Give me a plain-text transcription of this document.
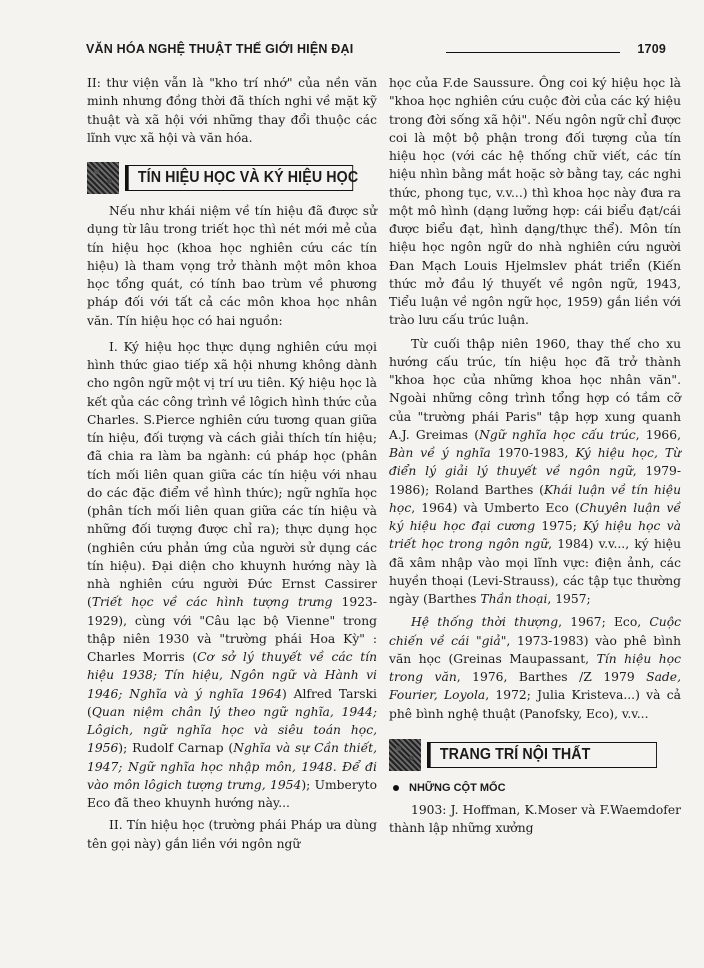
VĂN HÓA NGHỆ THUẬT THẾ GIỚI HIỆN ĐẠI	1709

II: thư viện vẫn là "kho trí nhớ" của nền văn minh nhưng đồng thời đã thích nghi về mặt kỹ thuật và xã hội với những thay đổi thuộc các lĩnh vực xã hội và văn hóa.

TÍN HIỆU HỌC VÀ KÝ HIỆU HỌC

Nếu như khái niệm về tín hiệu đã được sử dụng từ lâu trong triết học thì nét mới mẻ của tín hiệu học (khoa học nghiên cứu các tín hiệu) là tham vọng trở thành một môn khoa học tổng quát, có tính bao trùm về phương pháp đối với tất cả các môn khoa học nhân văn. Tín hiệu học có hai nguồn:

I. Ký hiệu học thực dụng nghiên cứu mọi hình thức giao tiếp xã hội nhưng không dành cho ngôn ngữ một vị trí ưu tiên. Ký hiệu học là kết qủa các công trình về lôgich hình thức của Charles. S.Pierce nghiên cứu tương quan giữa tín hiệu, đối tượng và cách giải thích tín hiệu; đã chia ra làm ba ngành: cú pháp học (phân tích mối liên quan giữa các tín hiệu với nhau do các đặc điểm về hình thức); ngữ nghĩa học (phân tích mối liên quan giữa các tín hiệu và những đối tượng được chỉ ra); thực dụng học (nghiên cứu phản ứng của người sử dụng các tín hiệu). Đại diện cho khuynh hướng này là nhà nghiên cứu người Đức Ernst Cassirer (Triết học về các hình tượng trưng 1923-1929), cùng với "Câu lạc bộ Vienne" trong thập niên 1930 và "trường phái Hoa Kỳ" : Charles Morris (Cơ sở lý thuyết về các tín hiệu 1938; Tín hiệu, Ngôn ngữ và Hành vi 1946; Nghĩa và ý nghĩa 1964) Alfred Tarski (Quan niệm chân lý theo ngữ nghĩa, 1944; Lôgich, ngữ nghĩa học và siêu toán học, 1956); Rudolf Carnap (Nghĩa và sự Cần thiết, 1947; Ngữ nghĩa học nhập môn, 1948. Để đi vào môn lôgich tượng trưng, 1954); Umberyto Eco đã theo khuynh hướng này...

II. Tín hiệu học (trường phái Pháp ưa dùng tên gọi này) gắn liền với ngôn ngữ

học của F.de Saussure. Ông coi ký hiệu học là "khoa học nghiên cứu cuộc đời của các ký hiệu trong đời sống xã hội". Nếu ngôn ngữ chỉ được coi là một bộ phận trong đối tượng của tín hiệu học (với các hệ thống chữ viết, các tín hiệu nhìn bằng mắt hoặc sờ bằng tay, các nghi thức, phong tục, v.v...) thì khoa học này đưa ra một mô hình (dạng lưỡng hợp: cái biểu đạt/cái được biểu đạt, hình dạng/thực thể). Môn tín hiệu học ngôn ngữ do nhà nghiên cứu người Đan Mạch Louis Hjelmslev phát triển (Kiến thức mở đầu lý thuyết về ngôn ngữ, 1943, Tiểu luận về ngôn ngữ học, 1959) gắn liền với trào lưu cấu trúc luận.

Từ cuối thập niên 1960, thay thế cho xu hướng cấu trúc, tín hiệu học đã trở thành "khoa học của những khoa học nhân văn". Ngoài những công trình tổng hợp có tầm cỡ của "trường phái Paris" tập hợp xung quanh A.J. Greimas (Ngữ nghĩa học cấu trúc, 1966, Bàn về ý nghĩa 1970-1983, Ký hiệu học, Từ điển lý giải lý thuyết về ngôn ngữ, 1979-1986); Roland Barthes (Khái luận về tín hiệu học, 1964) và Umberto Eco (Chuyên luận về ký hiệu học đại cương 1975; Ký hiệu học và triết học trong ngôn ngữ, 1984) v.v..., ký hiệu đã xâm nhập vào mọi lĩnh vực: điện ảnh, các huyền thoại (Levi-Strauss), các tập tục thường ngày (Barthes Thần thoại, 1957;

Hệ thống thời thượng, 1967; Eco, Cuộc chiến về cái "giả", 1973-1983) vào phê bình văn học (Greinas Maupassant, Tín hiệu học trong văn, 1976, Barthes /Z 1979 Sade, Fourier, Loyola, 1972; Julia Kristeva...) và cả phê bình nghệ thuật (Panofsky, Eco), v.v...

TRANG TRÍ NỘI THẤT
NHỮNG CỘT MỐC

1903: J. Hoffman, K.Moser và F.Waemdofer thành lập những xưởng
